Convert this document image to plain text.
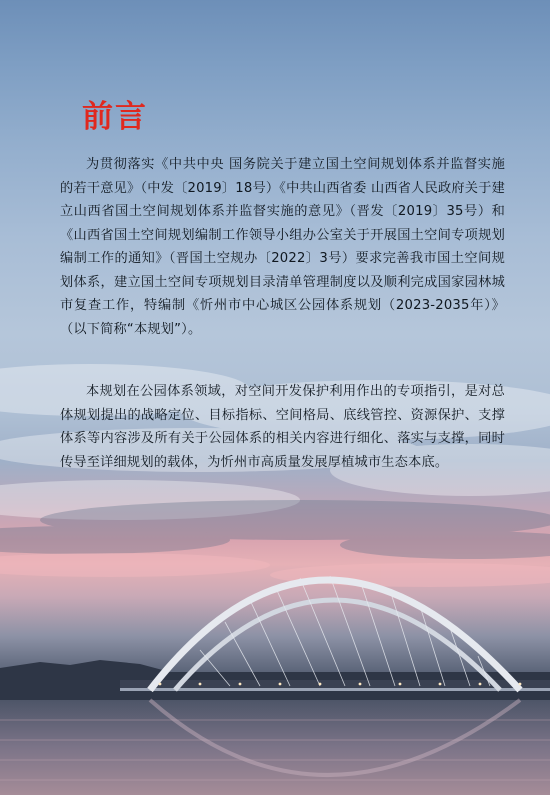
前言

为贯彻落实《中共中央 国务院关于建立国土空间规划体系并监督实施的若干意见》（中发〔2019〕18号）《中共山西省委 山西省人民政府关于建立山西省国土空间规划体系并监督实施的意见》（晋发〔2019〕35号）和《山西省国土空间规划编制工作领导小组办公室关于开展国土空间专项规划编制工作的通知》（晋国土空规办〔2022〕3号）要求完善我市国土空间规划体系，建立国土空间专项规划目录清单管理制度以及顺利完成国家园林城市复查工作，特编制《忻州市中心城区公园体系规划（2023-2035年）》（以下简称“本规划”）。

本规划在公园体系领域，对空间开发保护利用作出的专项指引，是对总体规划提出的战略定位、目标指标、空间格局、底线管控、资源保护、支撑体系等内容涉及所有关于公园体系的相关内容进行细化、落实与支撑，同时传导至详细规划的载体，为忻州市高质量发展厚植城市生态本底。
